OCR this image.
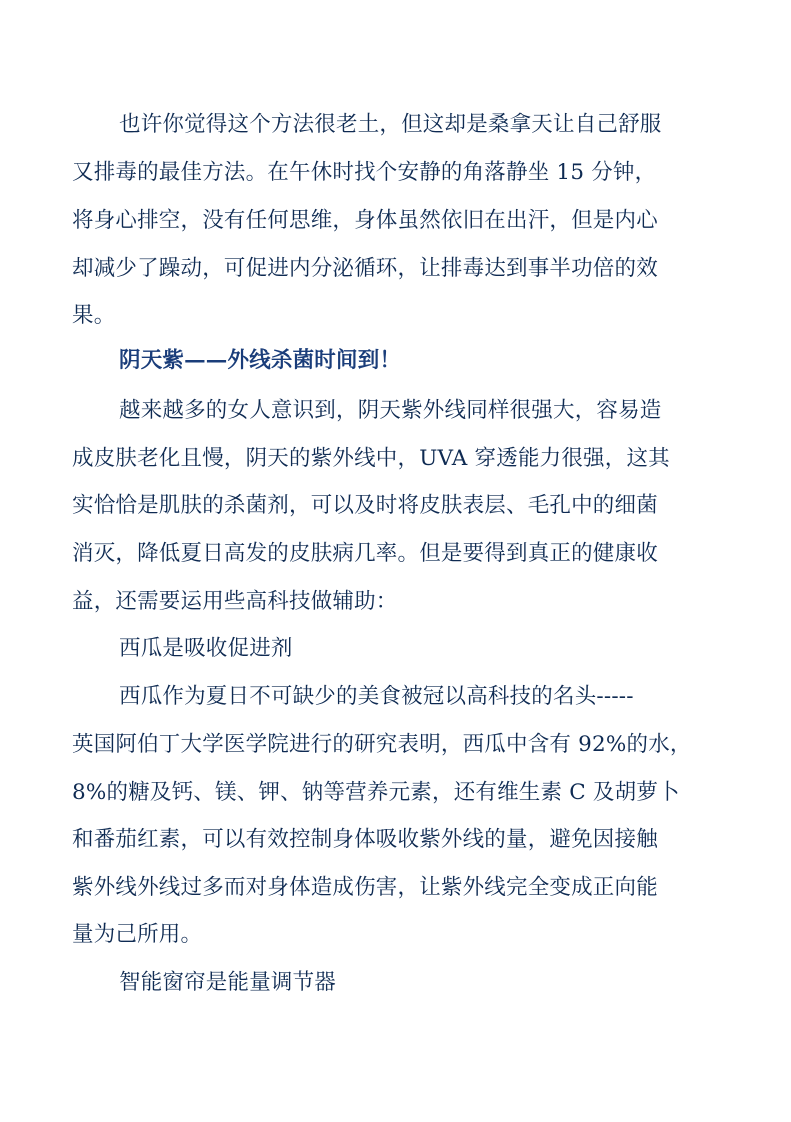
也许你觉得这个方法很老土，但这却是桑拿天让自己舒服
又排毒的最佳方法。在午休时找个安静的角落静坐 15 分钟，
将身心排空，没有任何思维，身体虽然依旧在出汗，但是内心
却减少了躁动，可促进内分泌循环，让排毒达到事半功倍的效
果。
阴天紫——外线杀菌时间到！
越来越多的女人意识到，阴天紫外线同样很强大，容易造
成皮肤老化且慢，阴天的紫外线中，UVA 穿透能力很强，这其
实恰恰是肌肤的杀菌剂，可以及时将皮肤表层、毛孔中的细菌
消灭，降低夏日高发的皮肤病几率。但是要得到真正的健康收
益，还需要运用些高科技做辅助：
西瓜是吸收促进剂
西瓜作为夏日不可缺少的美食被冠以高科技的名头-----
英国阿伯丁大学医学院进行的研究表明，西瓜中含有 92%的水，
8%的糖及钙、镁、钾、钠等营养元素，还有维生素 C 及胡萝卜
和番茄红素，可以有效控制身体吸收紫外线的量，避免因接触
紫外线外线过多而对身体造成伤害，让紫外线完全变成正向能
量为己所用。
智能窗帘是能量调节器
